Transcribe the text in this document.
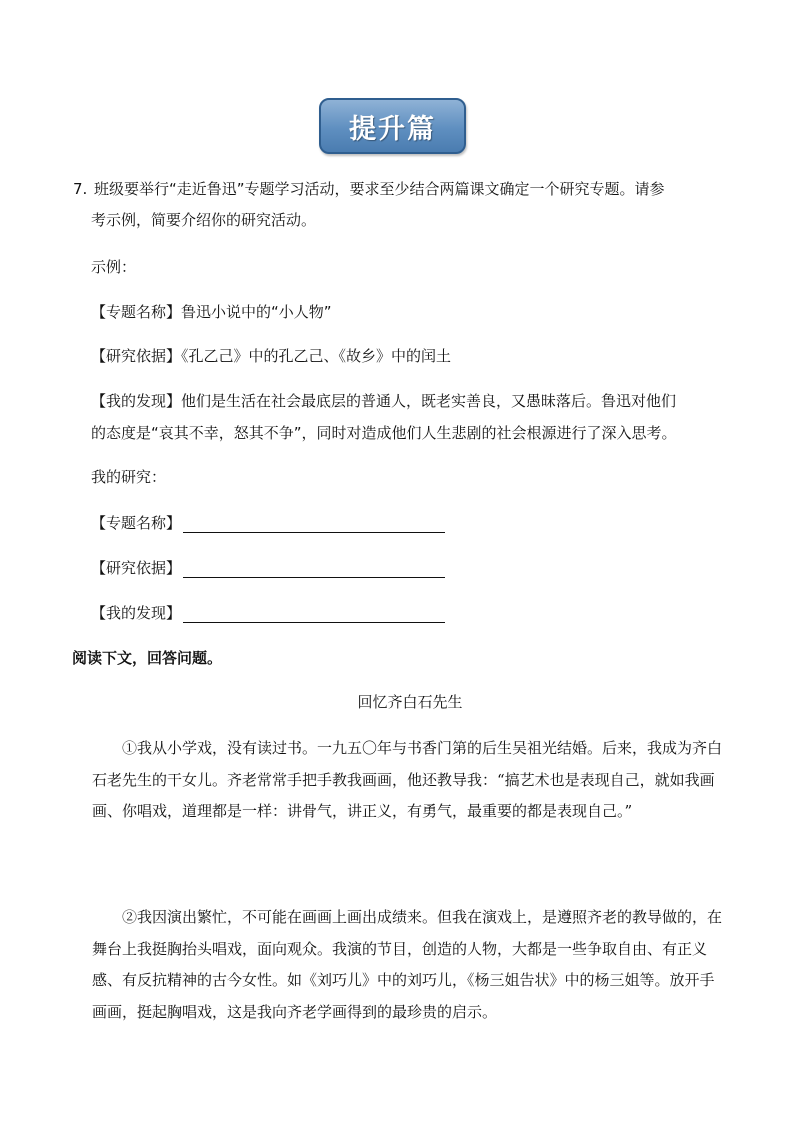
提升篇
7. 班级要举行“走近鲁迅”专题学习活动，要求至少结合两篇课文确定一个研究专题。请参
考示例，简要介绍你的研究活动。
示例：
【专题名称】鲁迅小说中的“小人物”
【研究依据】《孔乙己》中的孔乙己、《故乡》中的闰土
【我的发现】他们是生活在社会最底层的普通人，既老实善良，又愚昧落后。鲁迅对他们
的态度是“哀其不幸，怒其不争”，同时对造成他们人生悲剧的社会根源进行了深入思考。
我的研究：
【专题名称】
【研究依据】
【我的发现】
阅读下文，回答问题。
回忆齐白石先生

①我从小学戏，没有读过书。一九五〇年与书香门第的后生吴祖光结婚。后来，我成为齐白石老先生的干女儿。齐老常常手把手教我画画，他还教导我：“搞艺术也是表现自己，就如我画画、你唱戏，道理都是一样：讲骨气，讲正义，有勇气，最重要的都是表现自己。”

②我因演出繁忙，不可能在画画上画出成绩来。但我在演戏上，是遵照齐老的教导做的，在舞台上我挺胸抬头唱戏，面向观众。我演的节目，创造的人物，大都是一些争取自由、有正义感、有反抗精神的古今女性。如《刘巧儿》中的刘巧儿，《杨三姐告状》中的杨三姐等。放开手画画，挺起胸唱戏，这是我向齐老学画得到的最珍贵的启示。
